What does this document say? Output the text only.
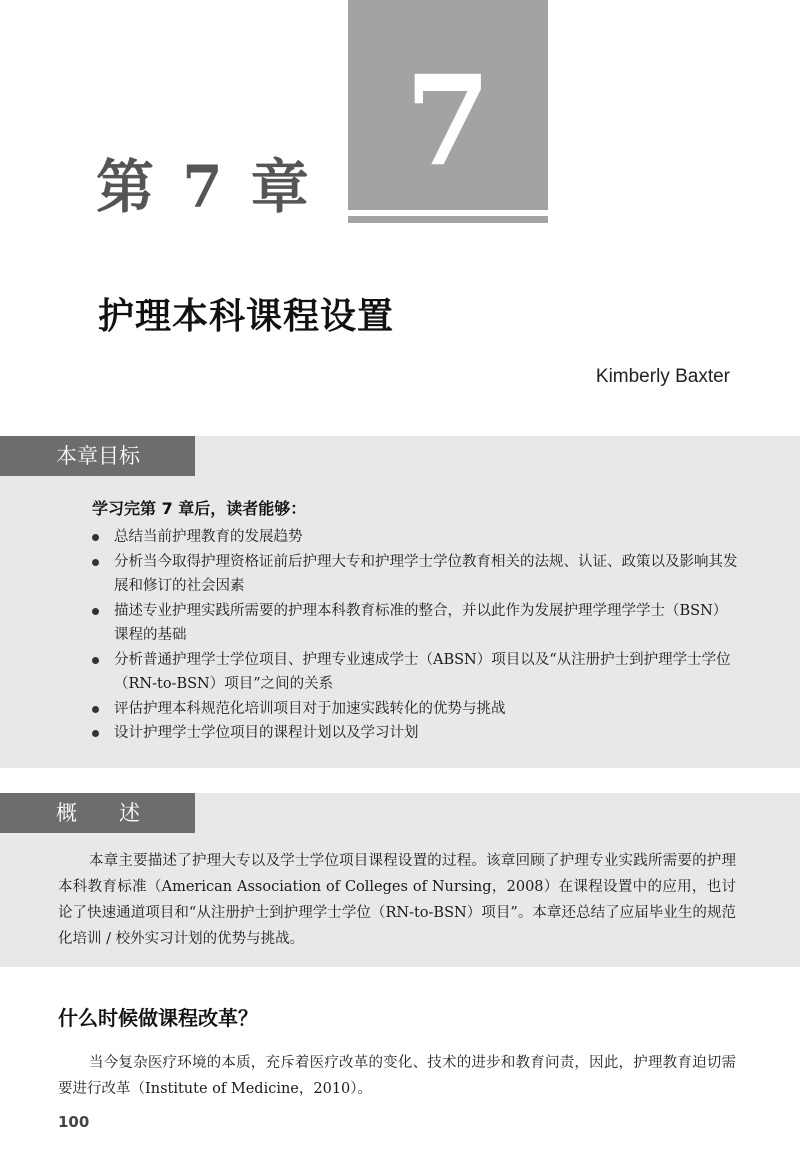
第 7 章 7
护理本科课程设置
Kimberly Baxter
本章目标
学习完第 7 章后，读者能够：
总结当前护理教育的发展趋势
分析当今取得护理资格证前后护理大专和护理学士学位教育相关的法规、认证、政策以及影响其发展和修订的社会因素
描述专业护理实践所需要的护理本科教育标准的整合，并以此作为发展护理学理学学士（BSN）课程的基础
分析普通护理学士学位项目、护理专业速成学士（ABSN）项目以及“从注册护士到护理学士学位（RN-to-BSN）项目”之间的关系
评估护理本科规范化培训项目对于加速实践转化的优势与挑战
设计护理学士学位项目的课程计划以及学习计划
概　　述

本章主要描述了护理大专以及学士学位项目课程设置的过程。该章回顾了护理专业实践所需要的护理本科教育标准（American Association of Colleges of Nursing，2008）在课程设置中的应用，也讨论了快速通道项目和“从注册护士到护理学士学位（RN-to-BSN）项目”。本章还总结了应届毕业生的规范化培训 / 校外实习计划的优势与挑战。

什么时候做课程改革？

当今复杂医疗环境的本质，充斥着医疗改革的变化、技术的进步和教育问责，因此，护理教育迫切需要进行改革（Institute of Medicine，2010）。

100
